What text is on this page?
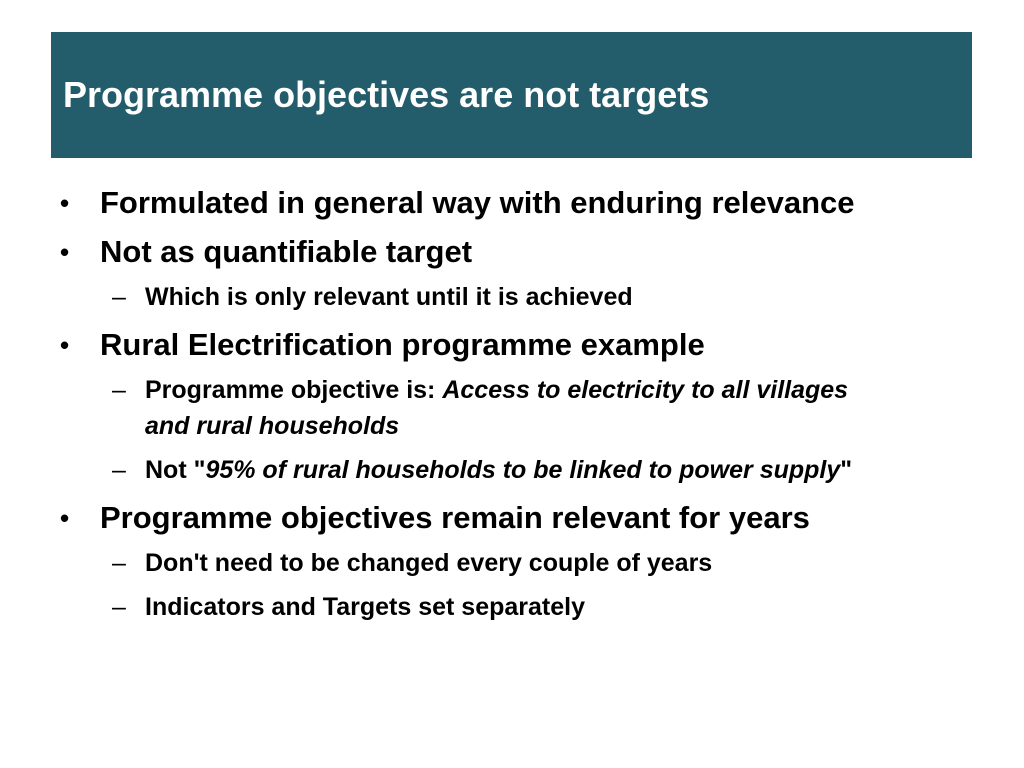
Programme objectives are not targets
• Formulated in general way with enduring relevance
• Not as quantifiable target
– Which is only relevant until it is achieved
• Rural Electrification programme example
– Programme objective is: Access to electricity to all villages and rural households
– Not "95% of rural households to be linked to power supply"
• Programme objectives remain relevant for years
– Don't need to be changed every couple of years
– Indicators and Targets set separately
